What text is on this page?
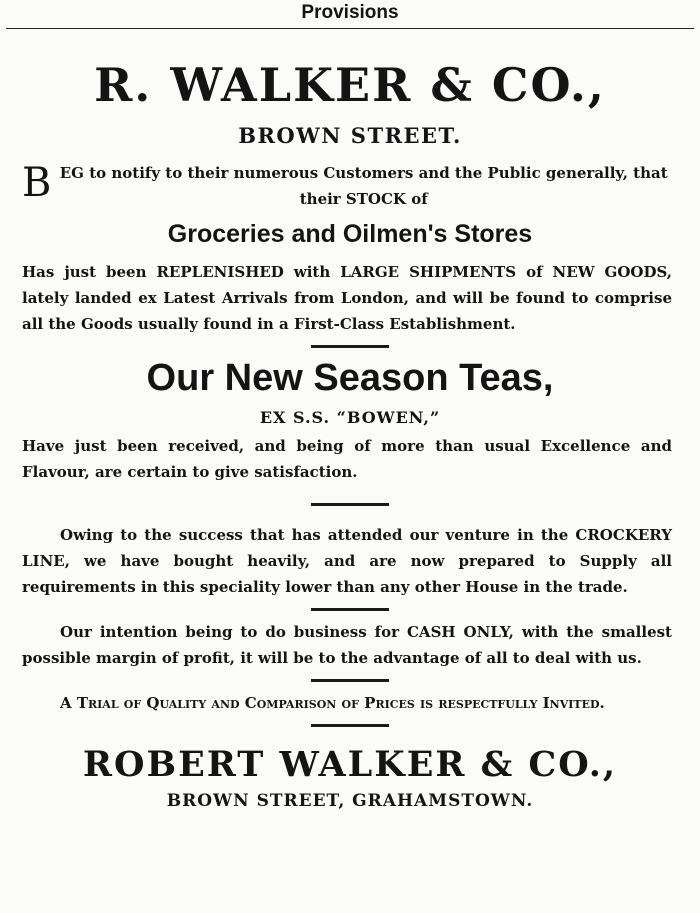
Provisions
R. WALKER & CO.,
BROWN STREET.
B EG to notify to their numerous Customers and the Public generally, that their STOCK of
Groceries and Oilmen's Stores
Has just been REPLENISHED with LARGE SHIPMENTS of NEW GOODS, lately landed ex Latest Arrivals from London, and will be found to comprise all the Goods usually found in a First-Class Establishment.
Our New Season Teas,
EX S.S. “BOWEN,”
Have just been received, and being of more than usual Excellence and Flavour, are certain to give satisfaction.
Owing to the success that has attended our venture in the CROCKERY LINE, we have bought heavily, and are now prepared to Supply all requirements in this speciality lower than any other House in the trade.
Our intention being to do business for CASH ONLY, with the smallest possible margin of profit, it will be to the advantage of all to deal with us.
A Trial of Quality and Comparison of Prices is respectfully Invited.
ROBERT WALKER & CO.,
BROWN STREET, GRAHAMSTOWN.
